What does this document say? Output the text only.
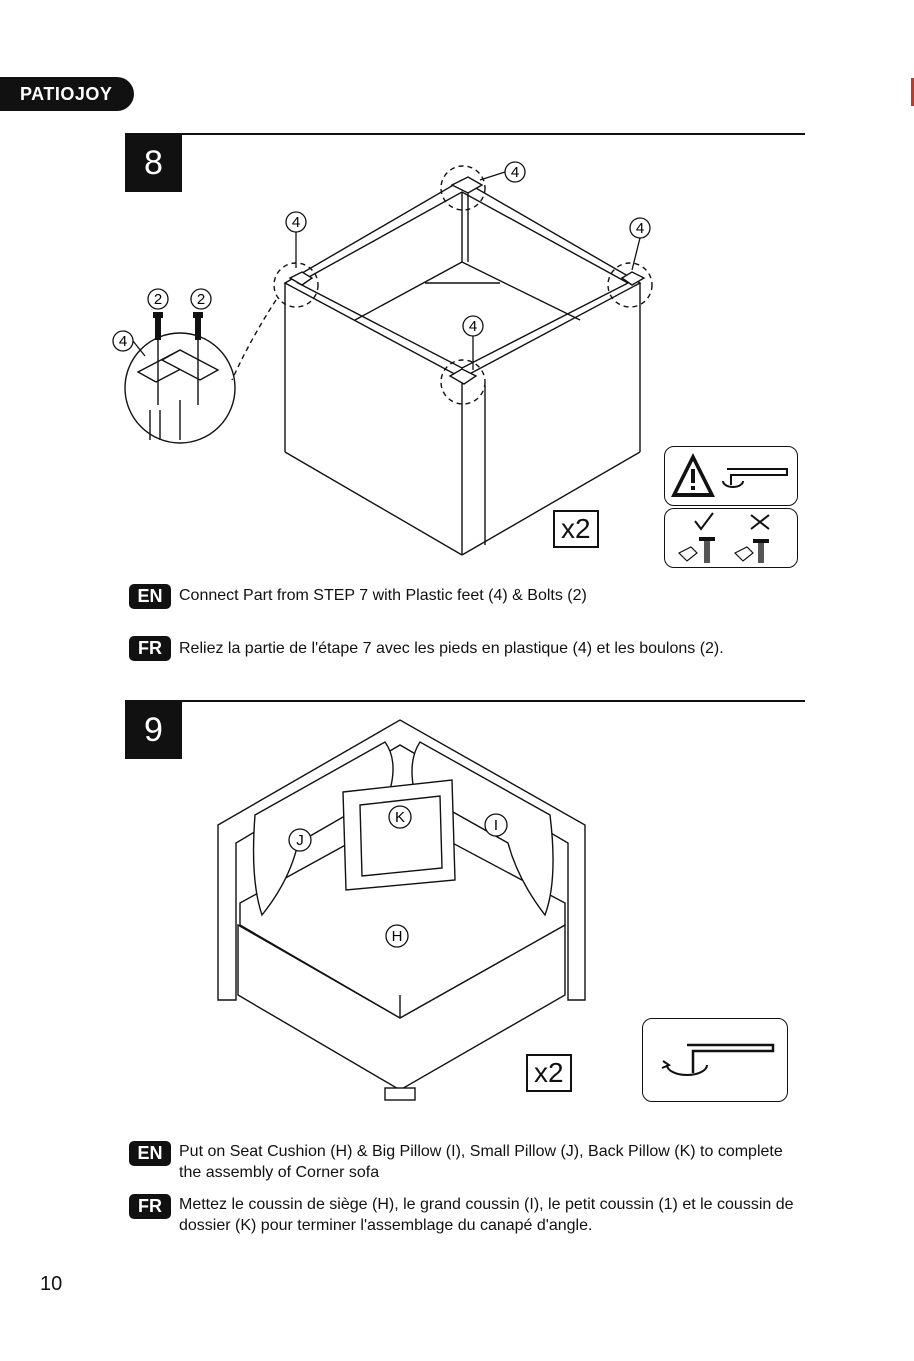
PATIOJOY
8	4
4	4
4
2 2
4
x2
EN	Connect Part from STEP 7 with Plastic feet (4) & Bolts (2)
FR	Reliez la partie de l'étape 7 avec les pieds en plastique (4) et les boulons (2).
9
K	I
J
H
x2
EN	Put on Seat Cushion (H) & Big Pillow (I), Small Pillow (J), Back Pillow (K) to complete the assembly of Corner sofa
FR	Mettez le coussin de siège (H), le grand coussin (I), le petit coussin (1) et le coussin de dossier (K) pour terminer l'assemblage du canapé d'angle.
10
